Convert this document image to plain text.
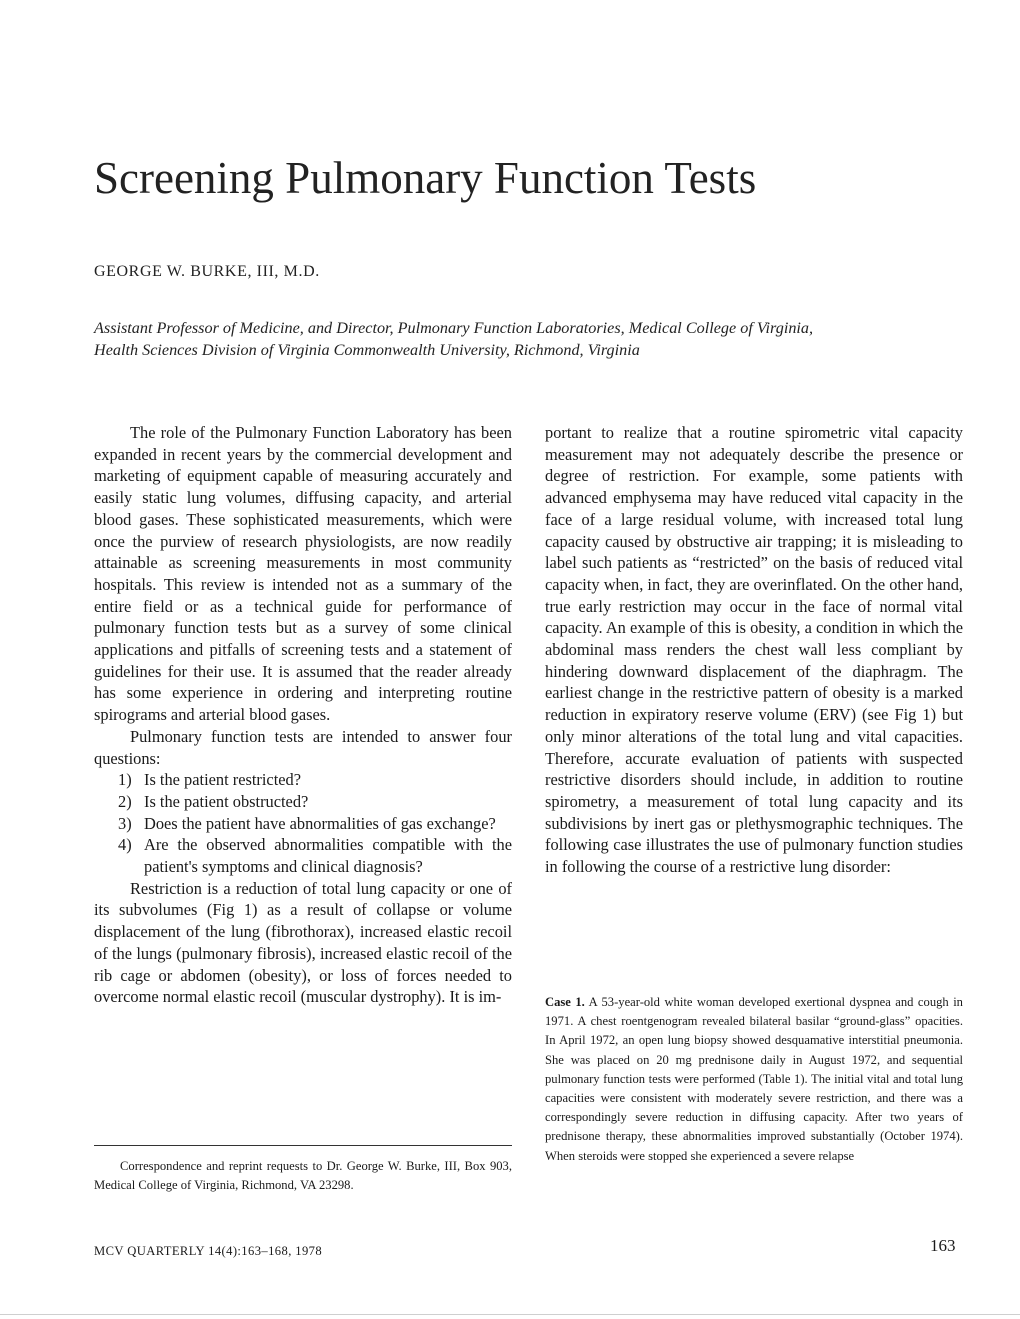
Screening Pulmonary Function Tests
GEORGE W. BURKE, III, M.D.
Assistant Professor of Medicine, and Director, Pulmonary Function Laboratories, Medical College of Virginia,
Health Sciences Division of Virginia Commonwealth University, Richmond, Virginia

The role of the Pulmonary Function Laboratory has been expanded in recent years by the commercial development and marketing of equipment capable of measuring accurately and easily static lung volumes, diffusing capacity, and arterial blood gases. These sophisticated measurements, which were once the purview of research physiologists, are now readily attainable as screening measurements in most community hospitals. This review is intended not as a summary of the entire field or as a technical guide for performance of pulmonary function tests but as a survey of some clinical applications and pitfalls of screening tests and a statement of guidelines for their use. It is assumed that the reader already has some experience in ordering and interpreting routine spirograms and arterial blood gases.

Pulmonary function tests are intended to answer four questions:

1) Is the patient restricted?
2) Is the patient obstructed?
3) Does the patient have abnormalities of gas exchange?
4) Are the observed abnormalities compatible with the patient's symptoms and clinical diagnosis?

Restriction is a reduction of total lung capacity or one of its subvolumes (Fig 1) as a result of collapse or volume displacement of the lung (fibrothorax), increased elastic recoil of the lungs (pulmonary fibrosis), increased elastic recoil of the rib cage or abdomen (obesity), or loss of forces needed to overcome normal elastic recoil (muscular dystrophy). It is im-

portant to realize that a routine spirometric vital capacity measurement may not adequately describe the presence or degree of restriction. For example, some patients with advanced emphysema may have reduced vital capacity in the face of a large residual volume, with increased total lung capacity caused by obstructive air trapping; it is misleading to label such patients as “restricted” on the basis of reduced vital capacity when, in fact, they are overinflated. On the other hand, true early restriction may occur in the face of normal vital capacity. An example of this is obesity, a condition in which the abdominal mass renders the chest wall less compliant by hindering downward displacement of the diaphragm. The earliest change in the restrictive pattern of obesity is a marked reduction in expiratory reserve volume (ERV) (see Fig 1) but only minor alterations of the total lung and vital capacities. Therefore, accurate evaluation of patients with suspected restrictive disorders should include, in addition to routine spirometry, a measurement of total lung capacity and its subdivisions by inert gas or plethysmographic techniques. The following case illustrates the use of pulmonary function studies in following the course of a restrictive lung disorder:

Case 1. A 53-year-old white woman developed exertional dyspnea and cough in 1971. A chest roentgenogram revealed bilateral basilar “ground-glass” opacities. In April 1972, an open lung biopsy showed desquamative interstitial pneumonia. She was placed on 20 mg prednisone daily in August 1972, and sequential pulmonary function tests were performed (Table 1). The initial vital and total lung capacities were consistent with moderately severe restriction, and there was a correspondingly severe reduction in diffusing capacity. After two years of prednisone therapy, these abnormalities improved substantially (October 1974). When steroids were stopped she experienced a severe relapse

Correspondence and reprint requests to Dr. George W. Burke, III, Box 903, Medical College of Virginia, Richmond, VA 23298.

MCV QUARTERLY 14(4):163–168, 1978	163
